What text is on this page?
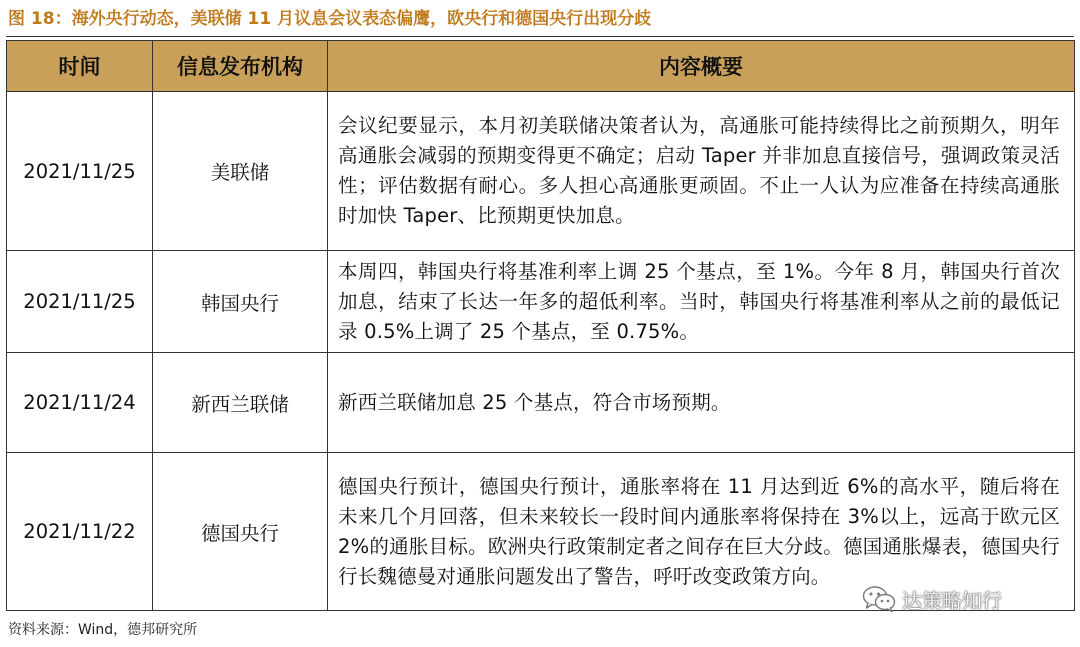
图 18：海外央行动态，美联储 11 月议息会议表态偏鹰，欧央行和德国央行出现分歧
时间	信息发布机构	内容概要
2021/11/25	美联储	会议纪要显示，本月初美联储决策者认为，高通胀可能持续得比之前预期久，明年高通胀会减弱的预期变得更不确定；启动 Taper 并非加息直接信号，强调政策灵活性；评估数据有耐心。多人担心高通胀更顽固。不止一人认为应准备在持续高通胀时加快 Taper、比预期更快加息。
2021/11/25	韩国央行	本周四，韩国央行将基准利率上调 25 个基点，至 1%。今年 8 月，韩国央行首次加息，结束了长达一年多的超低利率。当时，韩国央行将基准利率从之前的最低记录 0.5%上调了 25 个基点，至 0.75%。
2021/11/24	新西兰联储	新西兰联储加息 25 个基点，符合市场预期。
2021/11/22	德国央行	德国央行预计，德国央行预计，通胀率将在 11 月达到近 6%的高水平，随后将在未来几个月回落，但未来较长一段时间内通胀率将保持在 3%以上，远高于欧元区 2%的通胀目标。欧洲央行政策制定者之间存在巨大分歧。德国通胀爆表，德国央行行长魏德曼对通胀问题发出了警告，呼吁改变政策方向。
达策略知行
资料来源：Wind，德邦研究所
